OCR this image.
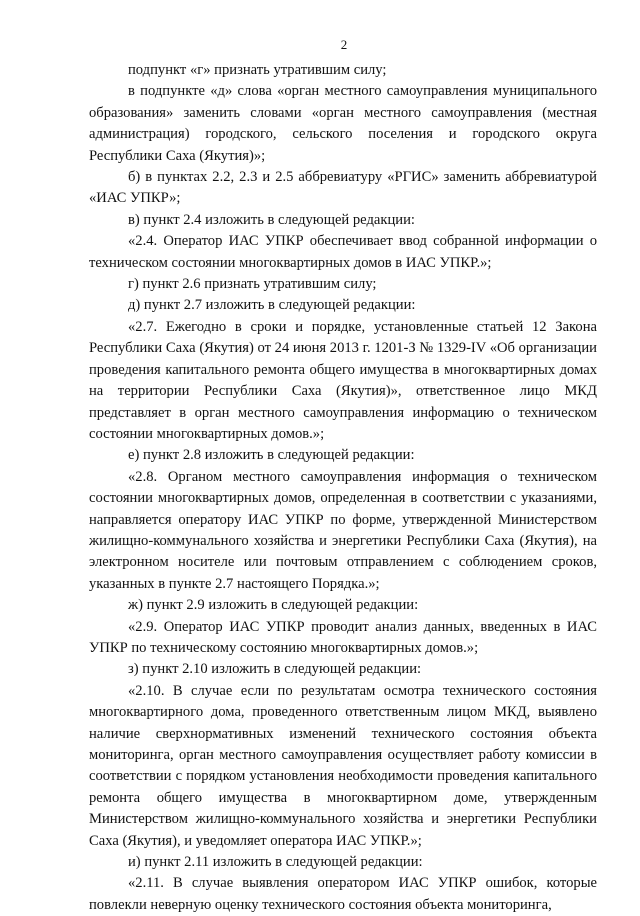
2

подпункт «г» признать утратившим силу;

в подпункте «д» слова «орган местного самоуправления муниципального образования» заменить словами «орган местного самоуправления (местная администрация) городского, сельского поселения и городского округа Республики Саха (Якутия)»;

б) в пунктах 2.2, 2.3 и 2.5 аббревиатуру «РГИС» заменить аббревиатурой «ИАС УПКР»;

в) пункт 2.4 изложить в следующей редакции:

«2.4. Оператор ИАС УПКР обеспечивает ввод собранной информации о техническом состоянии многоквартирных домов в ИАС УПКР.»;

г) пункт 2.6 признать утратившим силу;

д) пункт 2.7 изложить в следующей редакции:

«2.7. Ежегодно в сроки и порядке, установленные статьей 12 Закона Республики Саха (Якутия) от 24 июня 2013 г. 1201-З № 1329-IV «Об организации проведения капитального ремонта общего имущества в многоквартирных домах на территории Республики Саха (Якутия)», ответственное лицо МКД представляет в орган местного самоуправления информацию о техническом состоянии многоквартирных домов.»;

е) пункт 2.8 изложить в следующей редакции:

«2.8. Органом местного самоуправления информация о техническом состоянии многоквартирных домов, определенная в соответствии с указаниями, направляется оператору ИАС УПКР по форме, утвержденной Министерством жилищно-коммунального хозяйства и энергетики Республики Саха (Якутия), на электронном носителе или почтовым отправлением с соблюдением сроков, указанных в пункте 2.7 настоящего Порядка.»;

ж) пункт 2.9 изложить в следующей редакции:

«2.9. Оператор ИАС УПКР проводит анализ данных, введенных в ИАС УПКР по техническому состоянию многоквартирных домов.»;

з) пункт 2.10 изложить в следующей редакции:

«2.10. В случае если по результатам осмотра технического состояния многоквартирного дома, проведенного ответственным лицом МКД, выявлено наличие сверхнормативных изменений технического состояния объекта мониторинга, орган местного самоуправления осуществляет работу комиссии в соответствии с порядком установления необходимости проведения капитального ремонта общего имущества в многоквартирном доме, утвержденным Министерством жилищно-коммунального хозяйства и энергетики Республики Саха (Якутия), и уведомляет оператора ИАС УПКР.»;

и) пункт 2.11 изложить в следующей редакции:

«2.11. В случае выявления оператором ИАС УПКР ошибок, которые повлекли неверную оценку технического состояния объекта мониторинга,
